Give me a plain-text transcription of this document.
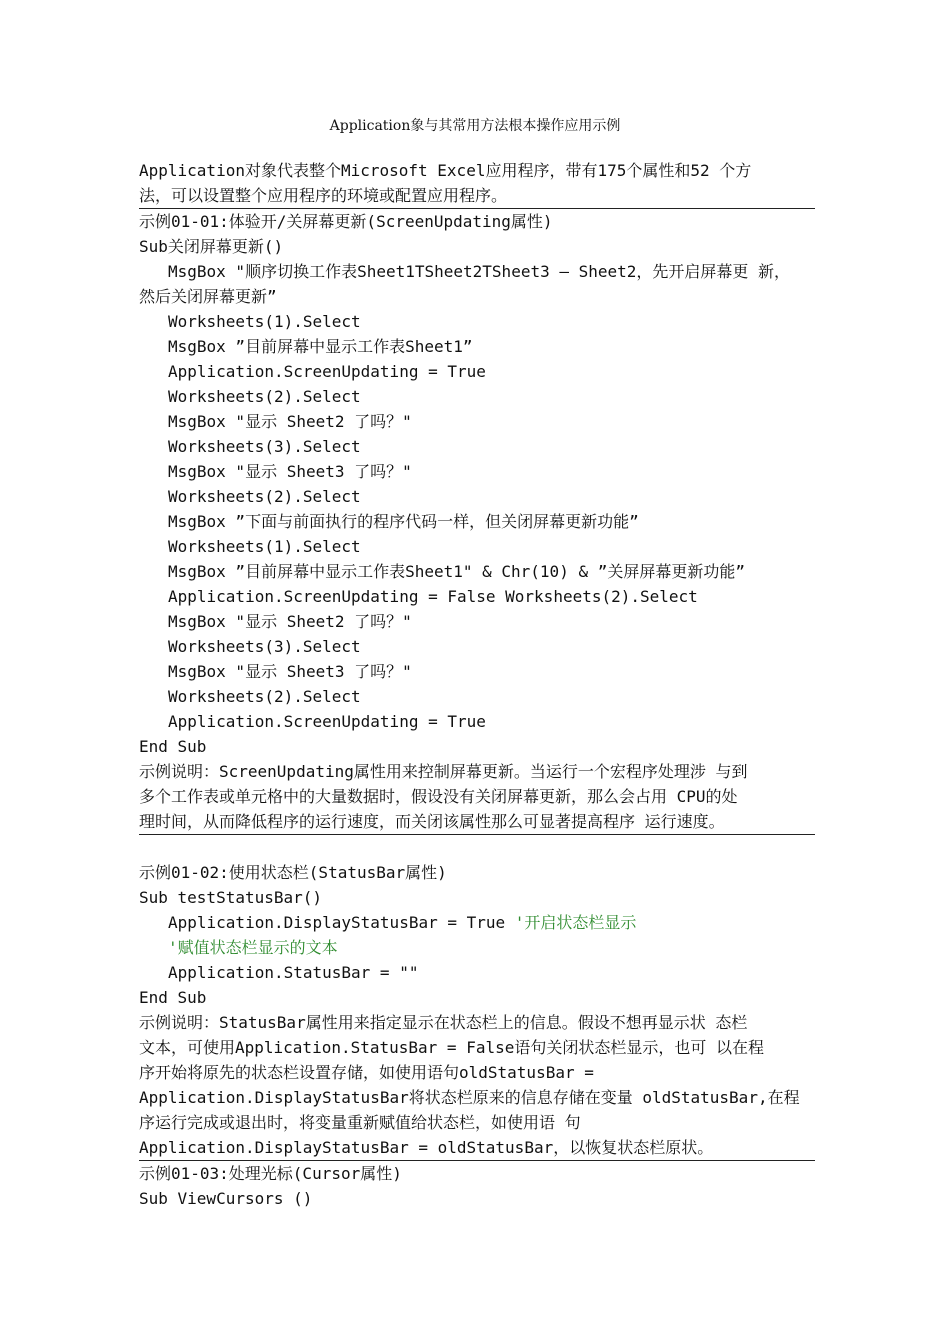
Application象与其常用方法根本操作应用示例
Application对象代表整个Microsoft Excel应用程序，带有175个属性和52 个方
法，可以设置整个应用程序的环境或配置应用程序。
示例01-01:体验开/关屏幕更新(ScreenUpdating属性)
Sub关闭屏幕更新()
MsgBox "顺序切换工作表Sheet1TSheet2TSheet3 — Sheet2，先开启屏幕更 新，
然后关闭屏幕更新”
Worksheets(1).Select
MsgBox ”目前屏幕中显示工作表Sheet1”
Application.ScreenUpdating = True
Worksheets(2).Select
MsgBox "显示 Sheet2 了吗？"
Worksheets(3).Select
MsgBox "显示 Sheet3 了吗？"
Worksheets(2).Select
MsgBox ”下面与前面执行的程序代码一样，但关闭屏幕更新功能”
Worksheets(1).Select
MsgBox ”目前屏幕中显示工作表Sheet1" & Chr(10) & ”关屏屏幕更新功能”
Application.ScreenUpdating = False Worksheets(2).Select
MsgBox "显示 Sheet2 了吗？"
Worksheets(3).Select
MsgBox "显示 Sheet3 了吗？"
Worksheets(2).Select
Application.ScreenUpdating = True
End Sub
示例说明：ScreenUpdating属性用来控制屏幕更新。当运行一个宏程序处理涉 与到
多个工作表或单元格中的大量数据时，假设没有关闭屏幕更新，那么会占用 CPU的处
理时间，从而降低程序的运行速度，而关闭该属性那么可显著提高程序 运行速度。
示例01-02:使用状态栏(StatusBar属性)
Sub testStatusBar()
Application.DisplayStatusBar = True '开启状态栏显示
'赋值状态栏显示的文本
Application.StatusBar = ""
End Sub
示例说明：StatusBar属性用来指定显示在状态栏上的信息。假设不想再显示状 态栏
文本，可使用Application.StatusBar = False语句关闭状态栏显示，也可 以在程
序开始将原先的状态栏设置存储，如使用语句oldStatusBar =
Application.DisplayStatusBar将状态栏原来的信息存储在变量 oldStatusBar,在程
序运行完成或退出时，将变量重新赋值给状态栏，如使用语 句
Application.DisplayStatusBar = oldStatusBar，以恢复状态栏原状。
示例01-03:处理光标(Cursor属性)
Sub ViewCursors ()
